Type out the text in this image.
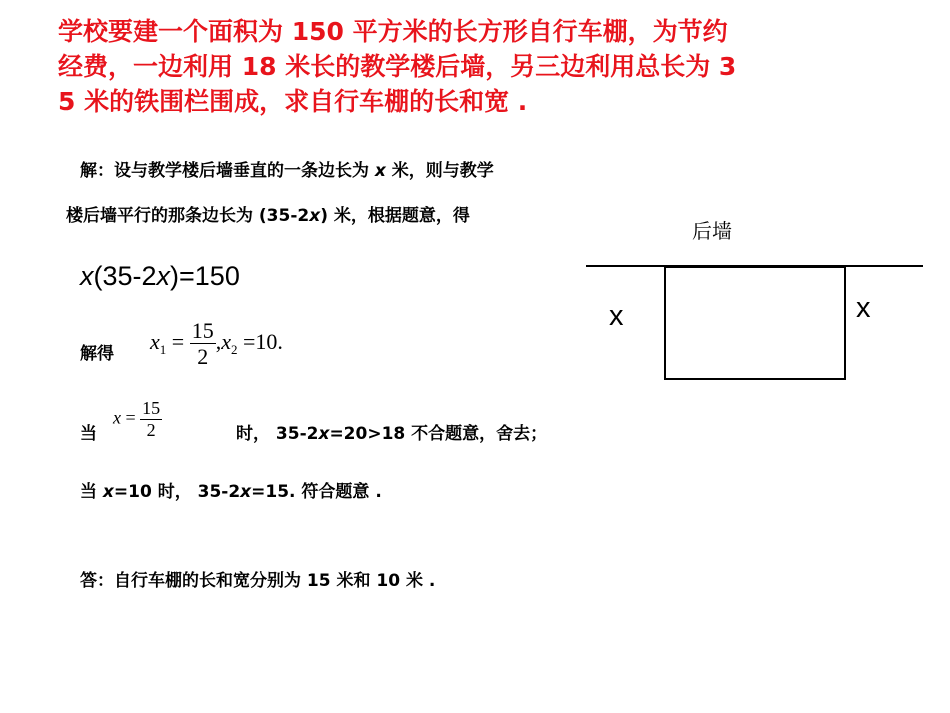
学校要建一个面积为 150 平方米的长方形自行车棚，为节约
经费，一边利用 18 米长的教学楼后墙，另三边利用总长为 3
5 米的铁围栏围成，求自行车棚的长和宽 .
解：设与教学楼后墙垂直的一条边长为 x 米，则与教学
楼后墙平行的那条边长为 (35-2x) 米，根据题意，得
x(35-2x)=150
解得
$x_1 = \frac{15}{2} ,x_2 =10$.
当
$x = \frac{15}{2}$	时， 35-2x=20>18 不合题意，舍去；
当 x=10 时， 35-2x=15. 符合题意 .
答：自行车棚的长和宽分别为 15 米和 10 米 .
后墙
x	x
